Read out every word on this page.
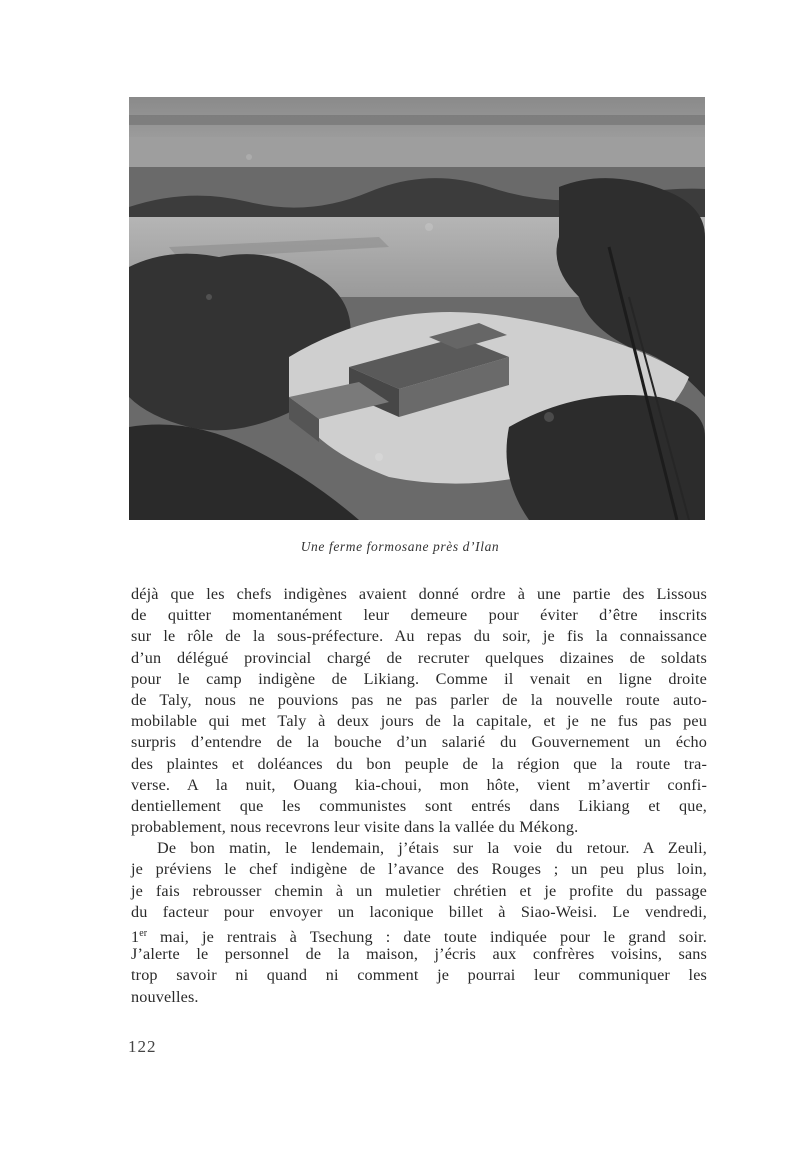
Une ferme formosane près d’Ilan
déjà que les chefs indigènes avaient donné ordre à une partie des Lissous
de quitter momentanément leur demeure pour éviter d’être inscrits
sur le rôle de la sous-préfecture. Au repas du soir, je fis la connaissance
d’un délégué provincial chargé de recruter quelques dizaines de soldats
pour le camp indigène de Likiang. Comme il venait en ligne droite
de Taly, nous ne pouvions pas ne pas parler de la nouvelle route auto-
mobilable qui met Taly à deux jours de la capitale, et je ne fus pas peu
surpris d’entendre de la bouche d’un salarié du Gouvernement un écho
des plaintes et doléances du bon peuple de la région que la route tra-
verse. A la nuit, Ouang kia-choui, mon hôte, vient m’avertir confi-
dentiellement que les communistes sont entrés dans Likiang et que,
probablement, nous recevrons leur visite dans la vallée du Mékong.
De bon matin, le lendemain, j’étais sur la voie du retour. A Zeuli,
je préviens le chef indigène de l’avance des Rouges ; un peu plus loin,
je fais rebrousser chemin à un muletier chrétien et je profite du passage
du facteur pour envoyer un laconique billet à Siao-Weisi. Le vendredi,
1er mai, je rentrais à Tsechung : date toute indiquée pour le grand soir.
J’alerte le personnel de la maison, j’écris aux confrères voisins, sans
trop savoir ni quand ni comment je pourrai leur communiquer les
nouvelles.
122
